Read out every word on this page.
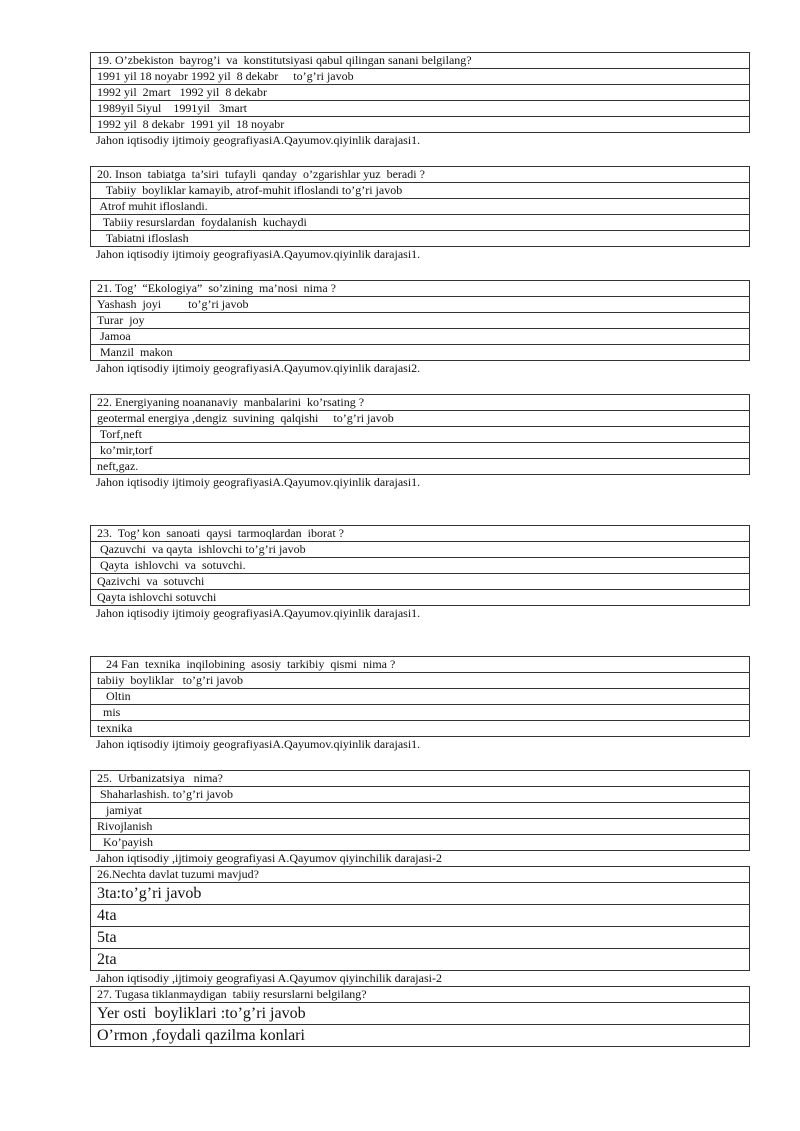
19. O’zbekiston  bayrog’i  va  konstitutsiyasi qabul qilingan sanani belgilang?
1991 yil 18 noyabr 1992 yil  8 dekabr     to’g’ri javob
1992 yil  2mart   1992 yil  8 dekabr
1989yil 5iyul    1991yil   3mart
1992 yil  8 dekabr  1991 yil  18 noyabr
Jahon iqtisodiy ijtimoiy geografiyasiA.Qayumov.qiyinlik darajasi1.
20. Inson  tabiatga  ta’siri  tufayli  qanday  o’zgarishlar yuz  beradi ?
Tabiiy  boyliklar kamayib, atrof-muhit ifloslandi to’g’ri javob
Atrof muhit ifloslandi.
Tabiiy resurslardan  foydalanish  kuchaydi
Tabiatni ifloslash
Jahon iqtisodiy ijtimoiy geografiyasiA.Qayumov.qiyinlik darajasi1.
21. Tog’  “Ekologiya”  so’zining  ma’nosi  nima ?
Yashash  joyi         to’g’ri javob
Turar  joy
Jamoa
Manzil  makon
Jahon iqtisodiy ijtimoiy geografiyasiA.Qayumov.qiyinlik darajasi2.
22. Energiyaning noananaviy  manbalarini  ko’rsating ?
geotermal energiya ,dengiz  suvining  qalqishi     to’g’ri javob
Torf,neft
ko’mir,torf
neft,gaz.
Jahon iqtisodiy ijtimoiy geografiyasiA.Qayumov.qiyinlik darajasi1.
23.  Tog’ kon  sanoati  qaysi  tarmoqlardan  iborat ?
Qazuvchi  va qayta  ishlovchi to’g’ri javob
Qayta  ishlovchi  va  sotuvchi.
Qazivchi  va  sotuvchi
Qayta ishlovchi sotuvchi
Jahon iqtisodiy ijtimoiy geografiyasiA.Qayumov.qiyinlik darajasi1.
24 Fan  texnika  inqilobining  asosiy  tarkibiy  qismi  nima ?
tabiiy  boyliklar   to’g’ri javob
Oltin
mis
texnika
Jahon iqtisodiy ijtimoiy geografiyasiA.Qayumov.qiyinlik darajasi1.
25.  Urbanizatsiya   nima?
Shaharlashish. to’g’ri javob
jamiyat
Rivojlanish
Ko’payish
Jahon iqtisodiy ,ijtimoiy geografiyasi A.Qayumov qiyinchilik darajasi-2
26.Nechta davlat tuzumi mavjud?
3ta:to’g’ri javob
4ta
5ta
2ta
Jahon iqtisodiy ,ijtimoiy geografiyasi A.Qayumov qiyinchilik darajasi-2
27. Tugasa tiklanmaydigan  tabiiy resurslarni belgilang?
Yer osti  boyliklari :to’g’ri javob
O’rmon ,foydali qazilma konlari
